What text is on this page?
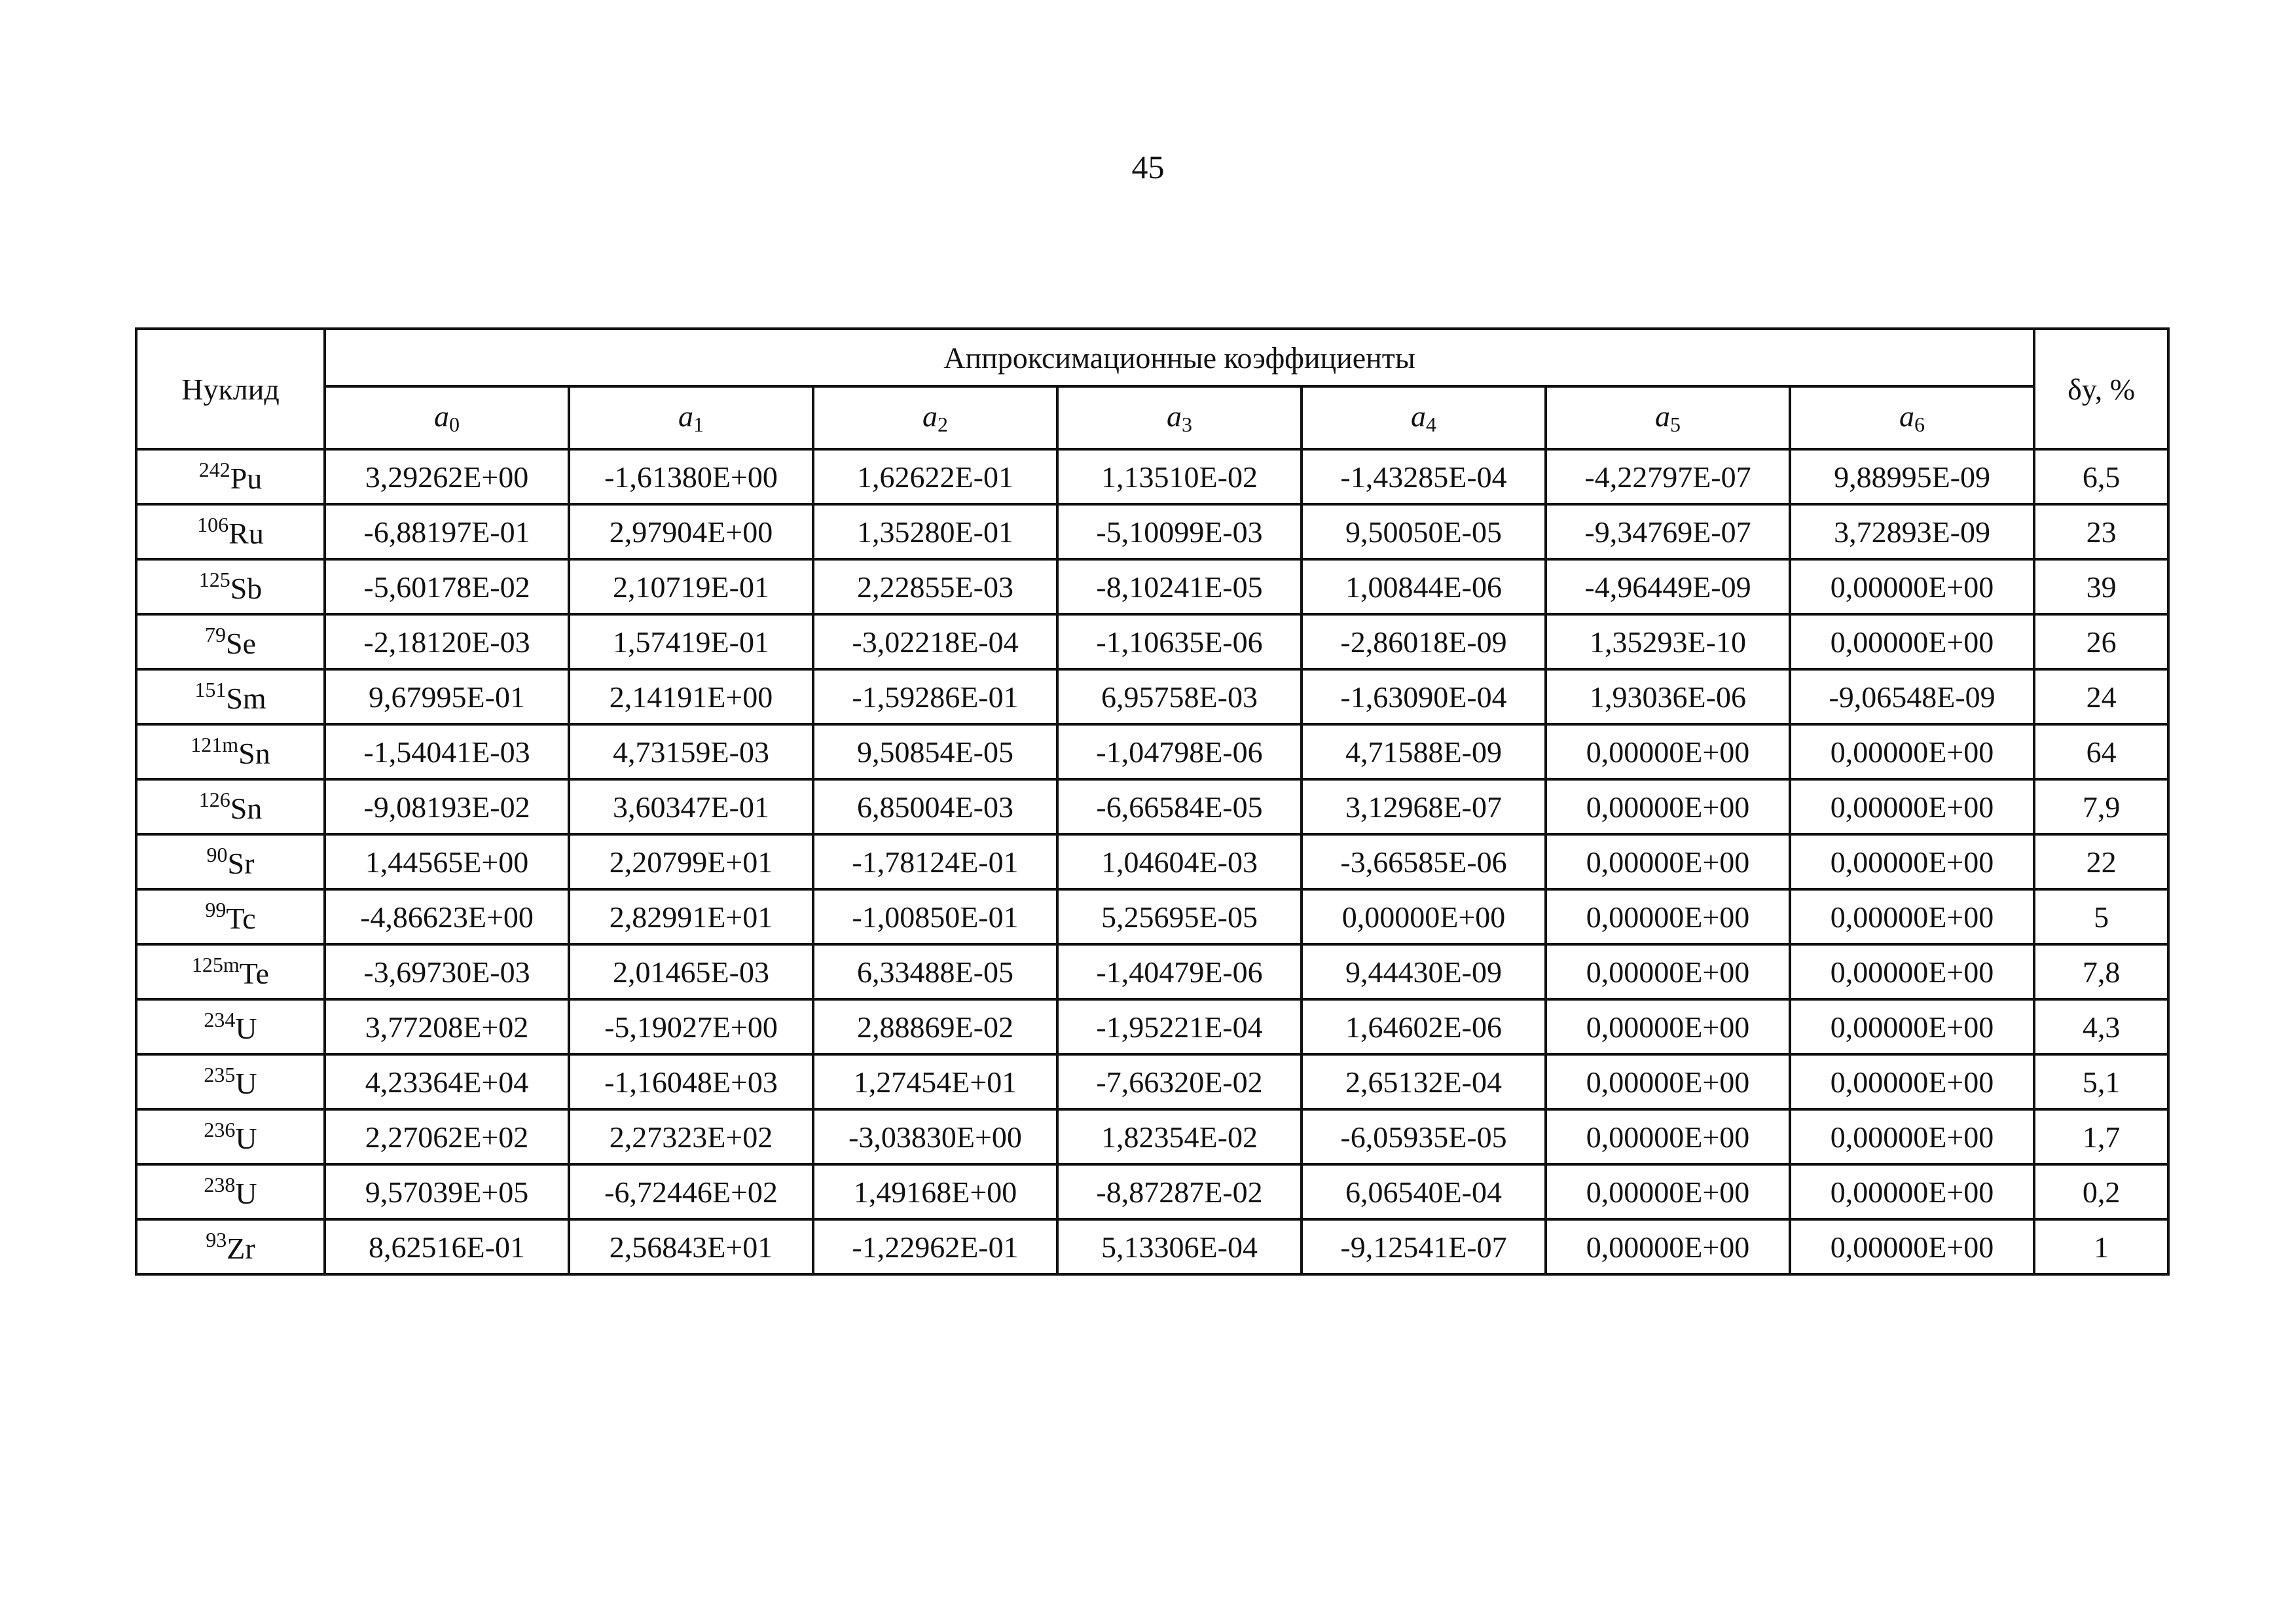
45
Нуклид	Аппроксимационные коэффициенты							δy, %
	$a_0$	$a_1$	$a_2$	$a_3$	$a_4$	$a_5$	$a_6$
$^{242}$Pu	3,29262E+00	-1,61380E+00	1,62622E-01	1,13510E-02	-1,43285E-04	-4,22797E-07	9,88995E-09	6,5
$^{106}$Ru	-6,88197E-01	2,97904E+00	1,35280E-01	-5,10099E-03	9,50050E-05	-9,34769E-07	3,72893E-09	23
$^{125}$Sb	-5,60178E-02	2,10719E-01	2,22855E-03	-8,10241E-05	1,00844E-06	-4,96449E-09	0,00000E+00	39
$^{79}$Se	-2,18120E-03	1,57419E-01	-3,02218E-04	-1,10635E-06	-2,86018E-09	1,35293E-10	0,00000E+00	26
$^{151}$Sm	9,67995E-01	2,14191E+00	-1,59286E-01	6,95758E-03	-1,63090E-04	1,93036E-06	-9,06548E-09	24
$^{121m}$Sn	-1,54041E-03	4,73159E-03	9,50854E-05	-1,04798E-06	4,71588E-09	0,00000E+00	0,00000E+00	64
$^{126}$Sn	-9,08193E-02	3,60347E-01	6,85004E-03	-6,66584E-05	3,12968E-07	0,00000E+00	0,00000E+00	7,9
$^{90}$Sr	1,44565E+00	2,20799E+01	-1,78124E-01	1,04604E-03	-3,66585E-06	0,00000E+00	0,00000E+00	22
$^{99}$Tc	-4,86623E+00	2,82991E+01	-1,00850E-01	5,25695E-05	0,00000E+00	0,00000E+00	0,00000E+00	5
$^{125m}$Te	-3,69730E-03	2,01465E-03	6,33488E-05	-1,40479E-06	9,44430E-09	0,00000E+00	0,00000E+00	7,8
$^{234}$U	3,77208E+02	-5,19027E+00	2,88869E-02	-1,95221E-04	1,64602E-06	0,00000E+00	0,00000E+00	4,3
$^{235}$U	4,23364E+04	-1,16048E+03	1,27454E+01	-7,66320E-02	2,65132E-04	0,00000E+00	0,00000E+00	5,1
$^{236}$U	2,27062E+02	2,27323E+02	-3,03830E+00	1,82354E-02	-6,05935E-05	0,00000E+00	0,00000E+00	1,7
$^{238}$U	9,57039E+05	-6,72446E+02	1,49168E+00	-8,87287E-02	6,06540E-04	0,00000E+00	0,00000E+00	0,2
$^{93}$Zr	8,62516E-01	2,56843E+01	-1,22962E-01	5,13306E-04	-9,12541E-07	0,00000E+00	0,00000E+00	1
